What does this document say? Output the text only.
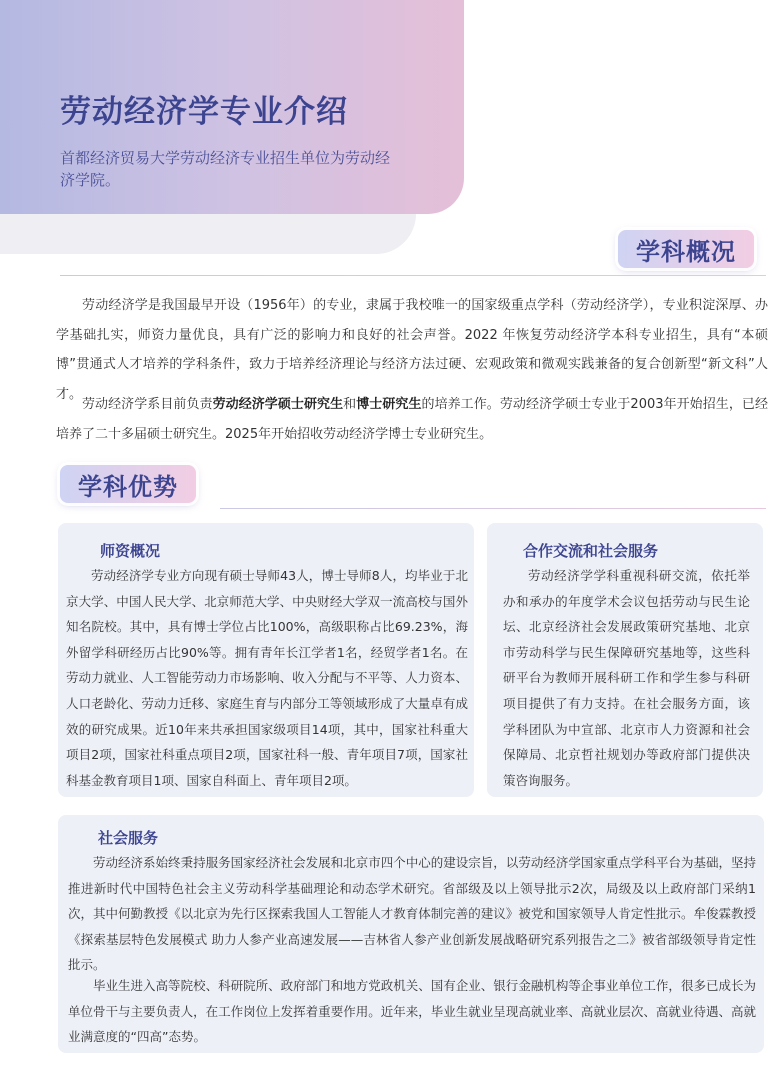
劳动经济学专业介绍

首都经济贸易大学劳动经济专业招生单位为劳动经济学院。

学科概况

劳动经济学是我国最早开设（1956年）的专业，隶属于我校唯一的国家级重点学科（劳动经济学），专业积淀深厚、办学基础扎实，师资力量优良，具有广泛的影响力和良好的社会声誉。2022 年恢复劳动经济学本科专业招生，具有“本硕博”贯通式人才培养的学科条件，致力于培养经济理论与经济方法过硬、宏观政策和微观实践兼备的复合创新型“新文科”人才。

劳动经济学系目前负责劳动经济学硕士研究生和博士研究生的培养工作。劳动经济学硕士专业于2003年开始招生，已经培养了二十多届硕士研究生。2025年开始招收劳动经济学博士专业研究生。

学科优势
师资概况

劳动经济学专业方向现有硕士导师43人，博士导师8人，均毕业于北京大学、中国人民大学、北京师范大学、中央财经大学双一流高校与国外知名院校。其中，具有博士学位占比100%，高级职称占比69.23%，海外留学科研经历占比90%等。拥有青年长江学者1名，经贸学者1名。在劳动力就业、人工智能劳动力市场影响、收入分配与不平等、人力资本、人口老龄化、劳动力迁移、家庭生育与内部分工等领域形成了大量卓有成效的研究成果。近10年来共承担国家级项目14项，其中，国家社科重大项目2项，国家社科重点项目2项，国家社科一般、青年项目7项，国家社科基金教育项目1项、国家自科面上、青年项目2项。

合作交流和社会服务

劳动经济学学科重视科研交流，依托举办和承办的年度学术会议包括劳动与民生论坛、北京经济社会发展政策研究基地、北京市劳动科学与民生保障研究基地等，这些科研平台为教师开展科研工作和学生参与科研项目提供了有力支持。在社会服务方面，该学科团队为中宣部、北京市人力资源和社会保障局、北京哲社规划办等政府部门提供决策咨询服务。

社会服务

劳动经济系始终秉持服务国家经济社会发展和北京市四个中心的建设宗旨，以劳动经济学国家重点学科平台为基础，坚持推进新时代中国特色社会主义劳动科学基础理论和动态学术研究。省部级及以上领导批示2次，局级及以上政府部门采纳1次，其中何勤教授《以北京为先行区探索我国人工智能人才教育体制完善的建议》被党和国家领导人肯定性批示。牟俊霖教授《探索基层特色发展模式 助力人参产业高速发展——吉林省人参产业创新发展战略研究系列报告之二》被省部级领导肯定性批示。

毕业生进入高等院校、科研院所、政府部门和地方党政机关、国有企业、银行金融机构等企事业单位工作，很多已成长为单位骨干与主要负责人，在工作岗位上发挥着重要作用。近年来，毕业生就业呈现高就业率、高就业层次、高就业待遇、高就业满意度的“四高”态势。
